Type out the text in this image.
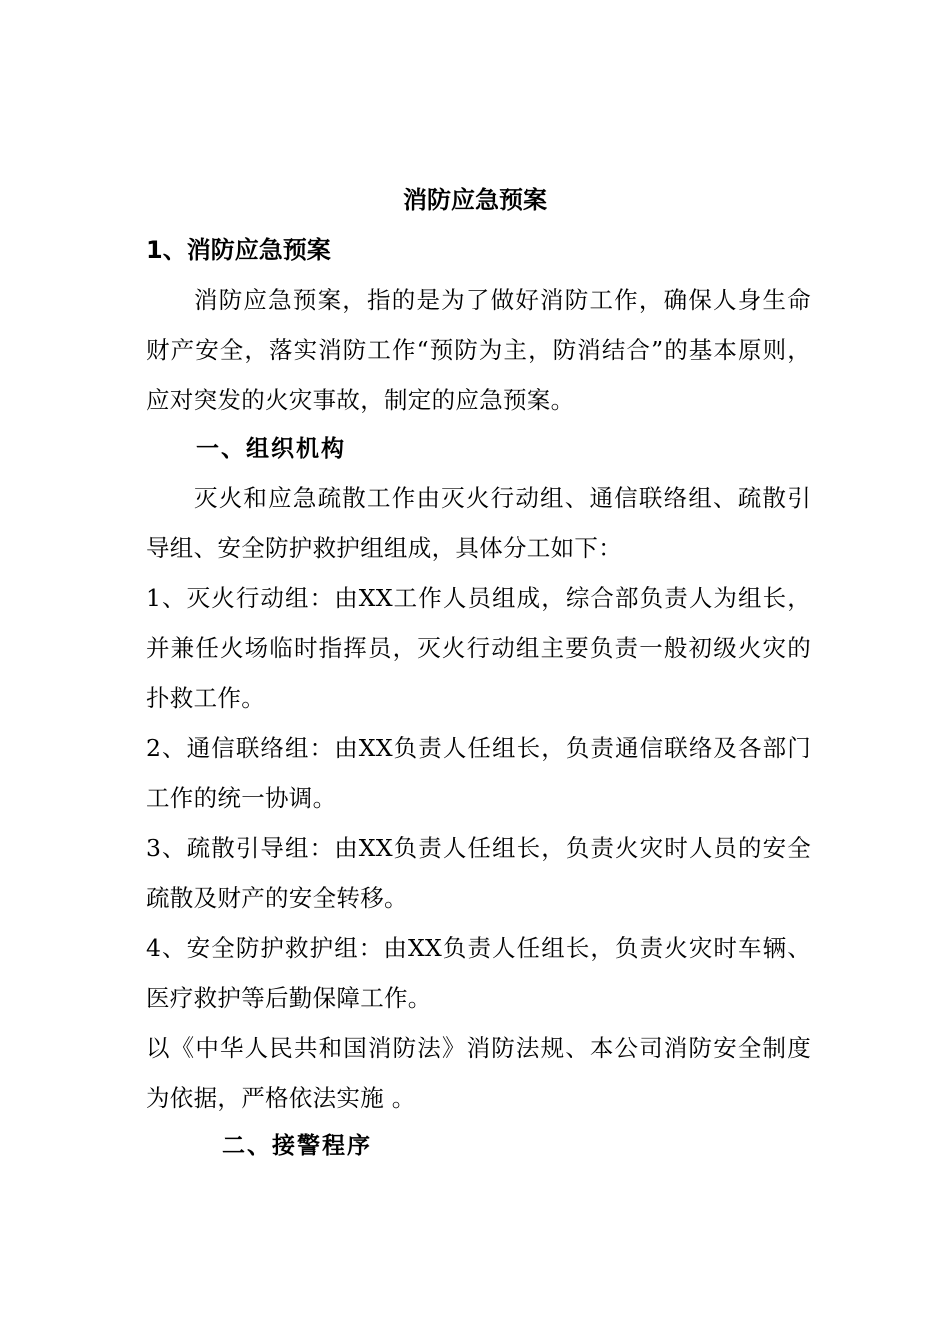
消防应急预案
1、消防应急预案

消防应急预案，指的是为了做好消防工作，确保人身生命财产安全，落实消防工作“预防为主，防消结合”的基本原则，应对突发的火灾事故，制定的应急预案。

一、组织机构

灭火和应急疏散工作由灭火行动组、通信联络组、疏散引导组、安全防护救护组组成，具体分工如下：

1、灭火行动组：由XX工作人员组成，综合部负责人为组长，并兼任火场临时指挥员，灭火行动组主要负责一般初级火灾的扑救工作。

2、通信联络组：由XX负责人任组长，负责通信联络及各部门工作的统一协调。

3、疏散引导组：由XX负责人任组长，负责火灾时人员的安全疏散及财产的安全转移。

4、安全防护救护组：由XX负责人任组长，负责火灾时车辆、医疗救护等后勤保障工作。

以《中华人民共和国消防法》消防法规、本公司消防安全制度为依据，严格依法实施 。

二、接警程序
